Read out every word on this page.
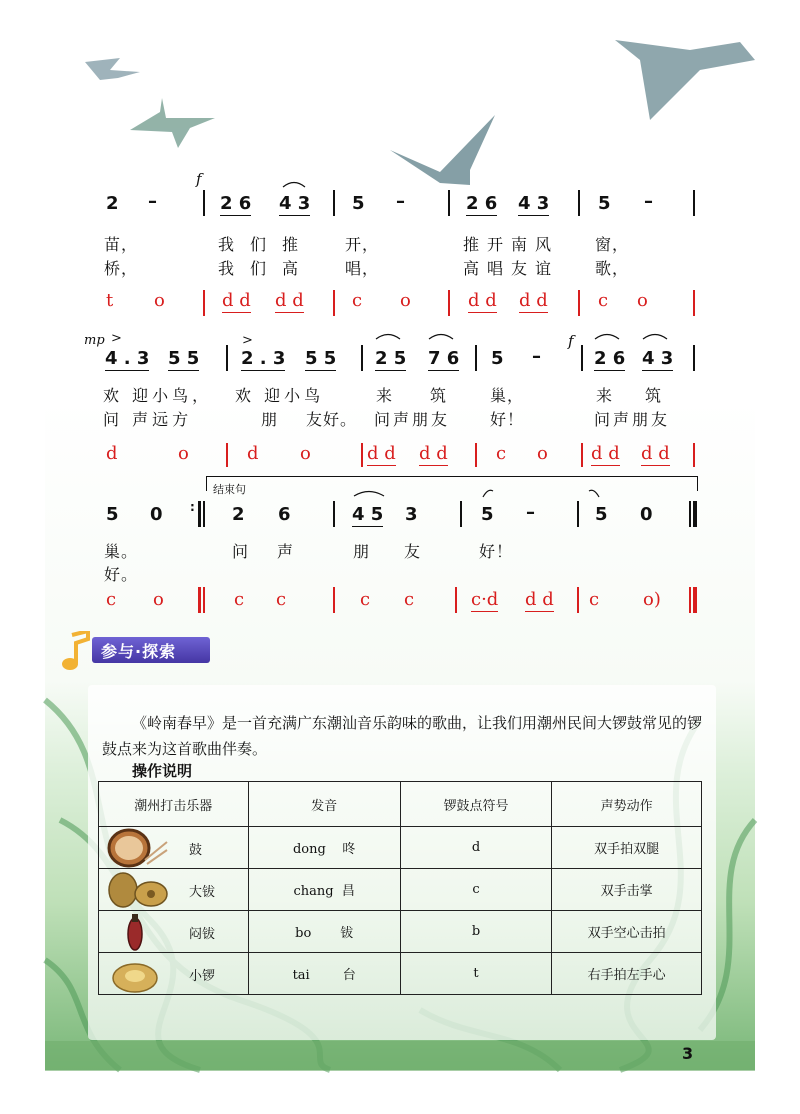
f
2 –	2 6 4 3 5 –	2 6 4 3	5 –
苗，	我们推 开，	推开南风 窗，
桥，	我们高 唱，	高唱友谊 歌，
t o	d d d d	c o	d d d d	c o
mp >	>	f
4 . 3 5 5 2 . 3 5 5 2 5 7 6 5 –	2 6 4 3
欢 迎小鸟， 欢 迎小鸟	来 筑	巢，	来 筑
问 声远方	朋 友好。 问声朋友 好！	问声朋友
d	o	d o	d d d d	c o d d d d
结束句
5 0 : 2 6	4 5 3	5 –	5 0
巢。	问 声	朋 友	好！
好。
c o	c c	c c	c·d d d c o)
参与·探索
《岭南春早》是一首充满广东潮汕音乐韵味的歌曲，让我们用潮州民间大锣鼓常见的锣鼓点来为这首歌曲伴奏。
操作说明
潮州打击乐器	发音	锣鼓点符号	声势动作

鼓	dong 咚	d	双手拍双腿

大钹	chang 昌	c	双手击掌

闷钹	bo 钹	b	双手空心击拍

小锣	tai 台	t	右手拍左手心
3
